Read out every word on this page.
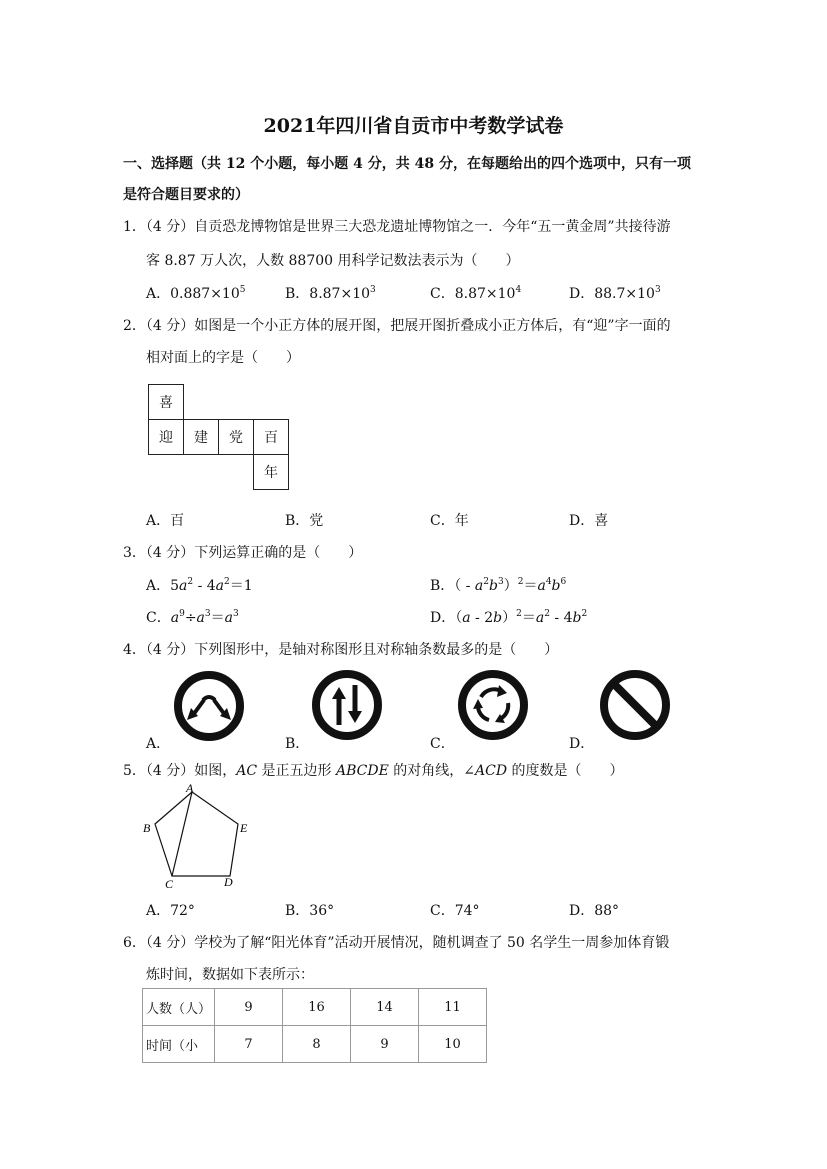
2021年四川省自贡市中考数学试卷
一、选择题（共 12 个小题，每小题 4 分，共 48 分，在每题给出的四个选项中，只有一项
是符合题目要求的）
1．（4 分）自贡恐龙博物馆是世界三大恐龙遗址博物馆之一．今年“五一黄金周”共接待游
客 8.87 万人次，人数 88700 用科学记数法表示为（　　）
A．$0.887\times 10^5$	B．$8.87\times 10^3$	C．$8.87\times 10^4$	D．$88.7\times 10^3$
2．（4 分）如图是一个小正方体的展开图，把展开图折叠成小正方体后，有“迎”字一面的
相对面上的字是（　　）
喜			
迎	建	党	百
			年
A．百	B．党	C．年	D．喜
3．（4 分）下列运算正确的是（　　）
A．$5a^2 - 4a^2=1$	B．（ - $a^2b^3)^2=a^4b^6$
C．$a^9\div a^3=a^3$	D．$(a - 2b)^2=a^2 - 4b^2$
4．（4 分）下列图形中，是轴对称图形且对称轴条数最多的是（　　）
A．	B．	C．	D．
5．（4 分）如图，AC 是正五边形 ABCDE 的对角线，∠ACD 的度数是（　　）
A
B
C	D
E
A．72°	B．36°	C．74°	D．88°
6．（4 分）学校为了解“阳光体育”活动开展情况，随机调查了 50 名学生一周参加体育锻
炼时间，数据如下表所示：
人数（人）	9	16	14	11
时间（小	7	8	9	10
